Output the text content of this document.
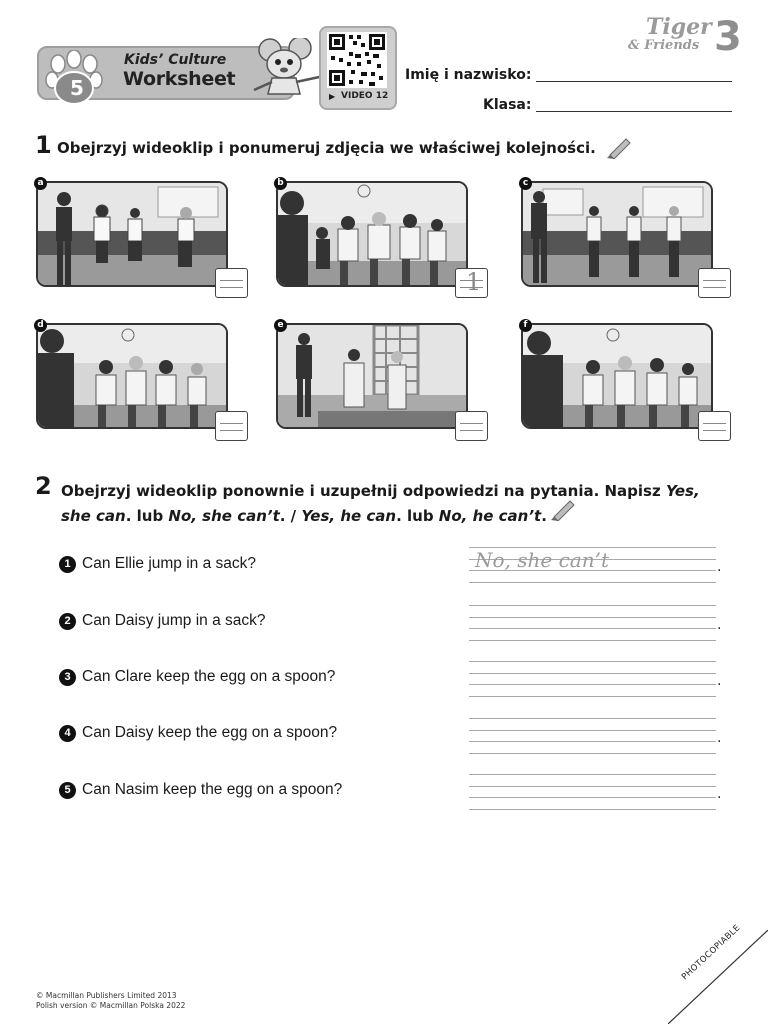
5
Kids’ Culture
Worksheet
▶ VIDEO 12
Tiger
& Friends 3
Imię i nazwisko:
Klasa:
1 Obejrzyj wideoklip i ponumeruj zdjęcia we właściwej kolejności.
a	b
1
c
d	e	f
2 Obejrzyj wideoklip ponownie i uzupełnij odpowiedzi na pytania. Napisz Yes,
she can. lub No, she can’t. / Yes, he can. lub No, he can’t.
1 Can Ellie jump in a sack?	No, she can’t	.
2 Can Daisy jump in a sack?	.
3 Can Clare keep the egg on a spoon?	.
4 Can Daisy keep the egg on a spoon?	.
5 Can Nasim keep the egg on a spoon?	.
© Macmillan Publishers Limited 2013
Polish version © Macmillan Polska 2022
PHOTOCOPIABLE
